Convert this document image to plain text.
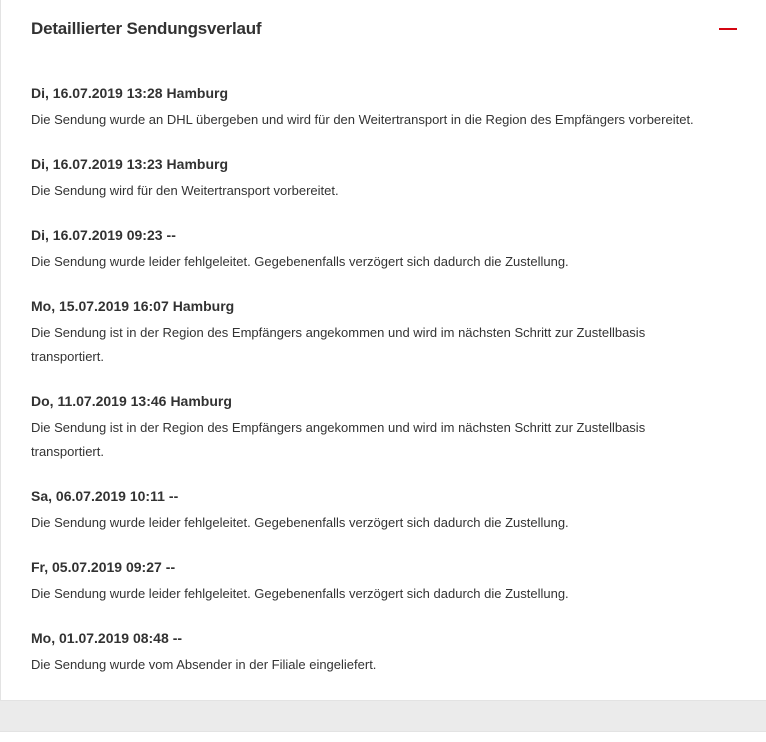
Detaillierter Sendungsverlauf
Di, 16.07.2019 13:28 Hamburg

Die Sendung wurde an DHL übergeben und wird für den Weitertransport in die Region des Empfängers vorbereitet.

Di, 16.07.2019 13:23 Hamburg

Die Sendung wird für den Weitertransport vorbereitet.

Di, 16.07.2019 09:23 --

Die Sendung wurde leider fehlgeleitet. Gegebenenfalls verzögert sich dadurch die Zustellung.

Mo, 15.07.2019 16:07 Hamburg

Die Sendung ist in der Region des Empfängers angekommen und wird im nächsten Schritt zur Zustellbasis transportiert.

Do, 11.07.2019 13:46 Hamburg

Die Sendung ist in der Region des Empfängers angekommen und wird im nächsten Schritt zur Zustellbasis transportiert.

Sa, 06.07.2019 10:11 --

Die Sendung wurde leider fehlgeleitet. Gegebenenfalls verzögert sich dadurch die Zustellung.

Fr, 05.07.2019 09:27 --

Die Sendung wurde leider fehlgeleitet. Gegebenenfalls verzögert sich dadurch die Zustellung.

Mo, 01.07.2019 08:48 --

Die Sendung wurde vom Absender in der Filiale eingeliefert.
